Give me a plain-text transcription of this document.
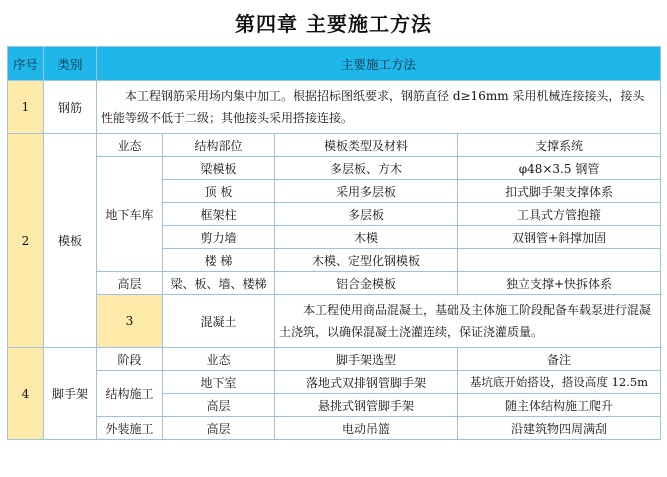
第四章 主要施工方法
序号	类别	主要施工方法			
1	钢筋	本工程钢筋采用场内集中加工。根据招标图纸要求，钢筋直径 d≥16mm 采用机械连接接头，接头性能等级不低于二级；其他接头采用搭接连接。			
2	模板	业态	结构部位	模板类型及材料	支撑系统
		地下车库	梁模板	多层板、方木	φ48×3.5 钢管
			顶 板	采用多层板	扣式脚手架支撑体系
			框架柱	多层板	工具式方管抱箍
			剪力墙	木模	双钢管+斜撑加固
			楼 梯	木模、定型化钢模板	
		高层	梁、板、墙、楼梯	铝合金模板	独立支撑+快拆体系
		3	混凝土	本工程使用商品混凝土，基础及主体施工阶段配备车载泵进行混凝土浇筑，以确保混凝土浇灌连续，保证浇灌质量。	
4	脚手架	阶段	业态	脚手架选型	备注
		结构施工	地下室	落地式双排钢管脚手架	基坑底开始搭设，搭设高度 12.5m
			高层	悬挑式钢管脚手架	随主体结构施工爬升
		外装施工	高层	电动吊篮	沿建筑物四周满刮
